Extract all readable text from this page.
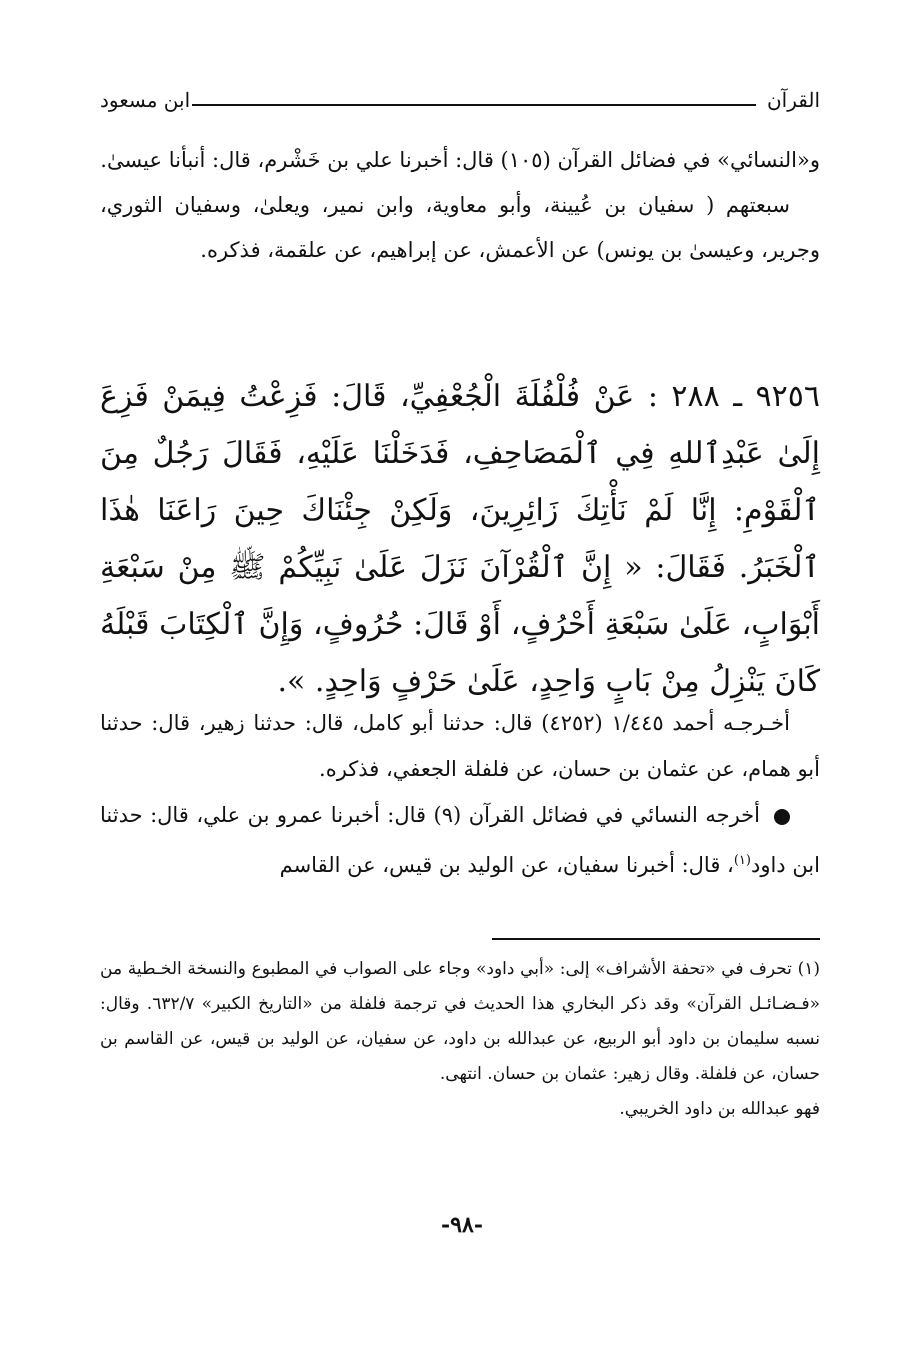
القرآن
ابن مسعود

و«النسائي» في فضائل القرآن (١٠٥) قال: أخبرنا علي بن خَشْرم، قال: أنبأنا عيسىٰ.

سبعتهم ( سفيان بن عُيينة، وأبو معاوية، وابن نمير، ويعلىٰ، وسفيان الثوري، وجرير، وعيسىٰ بن يونس) عن الأعمش، عن إبراهيم، عن علقمة، فذكره.

٩٢٥٦ ـ ٢٨٨ : عَنْ فُلْفُلَةَ الْجُعْفِيِّ، قَالَ: فَزِعْتُ فِيمَنْ فَزِعَ إِلَىٰ عَبْدِٱللهِ فِي ٱلْمَصَاحِفِ، فَدَخَلْنَا عَلَيْهِ، فَقَالَ رَجُلٌ مِنَ ٱلْقَوْمِ: إِنَّا لَمْ نَأْتِكَ زَائِرِينَ، وَلَكِنْ جِئْنَاكَ حِينَ رَاعَنَا هٰذَا ٱلْخَبَرُ. فَقَالَ: « إِنَّ ٱلْقُرْآنَ نَزَلَ عَلَىٰ نَبِيِّكُمْ ﷺ مِنْ سَبْعَةِ أَبْوَابٍ، عَلَىٰ سَبْعَةِ أَحْرُفٍ، أَوْ قَالَ: حُرُوفٍ، وَإِنَّ ٱلْكِتَابَ قَبْلَهُ كَانَ يَنْزِلُ مِنْ بَابٍ وَاحِدٍ، عَلَىٰ حَرْفٍ وَاحِدٍ. ».

أخـرجـه أحمد ١/٤٤٥ (٤٢٥٢) قال: حدثنا أبو كامل، قال: حدثنا زهير، قال: حدثنا أبو همام، عن عثمان بن حسان، عن فلفلة الجعفي، فذكره.

أخرجه النسائي في فضائل القرآن (٩) قال: أخبرنا عمرو بن علي، قال: حدثنا ابن داود$^{(١)}$، قال: أخبرنا سفيان، عن الوليد بن قيس، عن القاسم

(١) تحرف في «تحفة الأشراف» إلى: «أبي داود» وجاء على الصواب في المطبوع والنسخة الخـطية من «فـضـائـل القرآن» وقد ذكر البخاري هذا الحديث في ترجمة فلفلة من «التاريخ الكبير» ٦٣٢/٧. وقال: نسبه سليمان بن داود أبو الربيع، عن عبدالله بن داود، عن سفيان، عن الوليد بن قيس، عن القاسم بن حسان، عن فلفلة. وقال زهير: عثمان بن حسان. انتهى.

فهو عبدالله بن داود الخريبي.

-٩٨-
